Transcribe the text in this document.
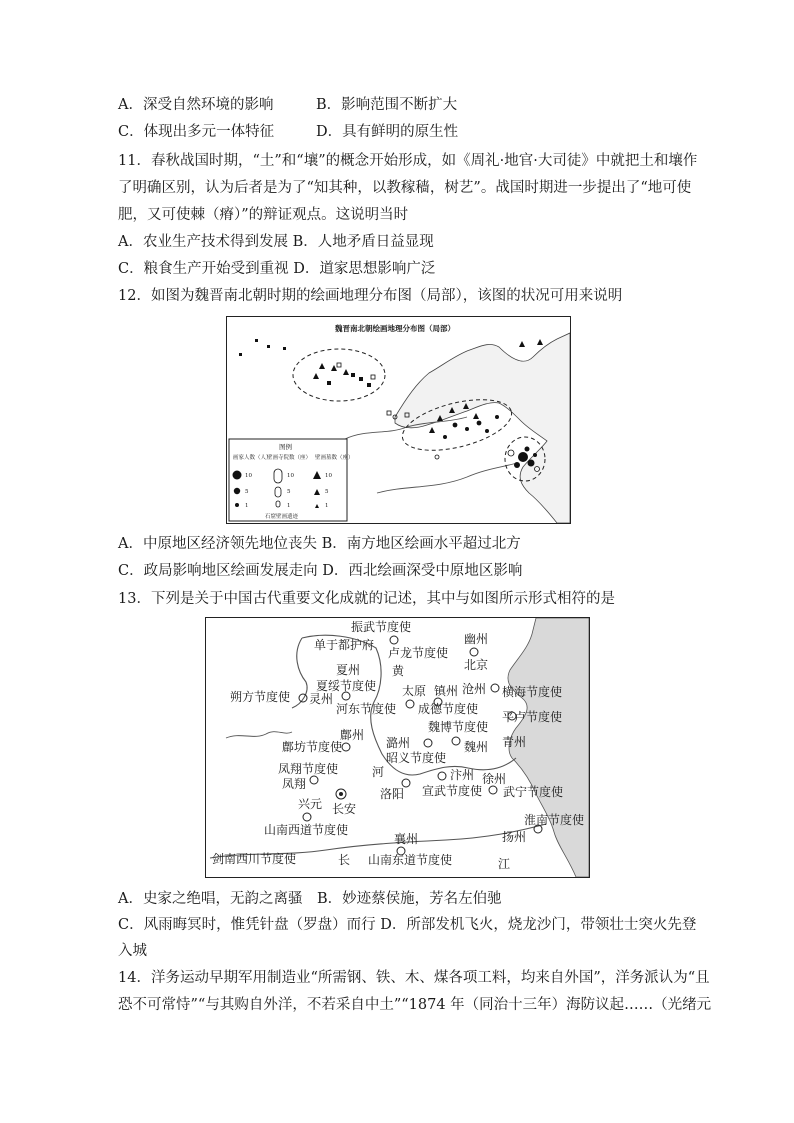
A．深受自然环境的影响	B．影响范围不断扩大
C．体现出多元一体特征	D．具有鲜明的原生性
11．春秋战国时期，“土”和“壤”的概念开始形成，如《周礼·地官·大司徒》中就把土和壤作
了明确区别，认为后者是为了“知其种，以教稼穑，树艺”。战国时期进一步提出了“地可使
肥，又可使棘（瘠）”的辩证观点。这说明当时
A．农业生产技术得到发展 B．人地矛盾日益显现
C．粮食生产开始受到重视 D．道家思想影响广泛
12．如图为魏晋南北朝时期的绘画地理分布图（局部），该图的状况可用来说明
魏晋南北朝绘画地理分布图（局部）
图例
画家人数（人）
壁画寺院数（座） 壁画墓数（座）
10
5
1
10
5
1
10
5
1
石窟壁画遗迹
A．中原地区经济领先地位丧失 B．南方地区绘画水平超过北方
C．政局影响地区绘画发展走向 D．西北绘画深受中原地区影响
13．下列是关于中国古代重要文化成就的记述，其中与如图所示形式相符的是
振武节度使
单于都护府	幽州
卢龙节度使
北京
黄
夏州
夏绥节度使
朔方节度使 灵州
太原 镇州 沧州 横海节度使
河东节度使 成德节度使
平卢节度使
青州
鄜州
魏博节度使
鄜坊节度使	潞州
昭义节度使
魏州
凤翔节度使
凤翔
河	汴州 徐州
兴元 长安
洛阳 宣武节度使 武宁节度使
淮南节度使
山南西道节度使
襄州	扬州
剑南西川节度使	长 山南东道节度使	江
A．史家之绝唱，无韵之离骚　B．妙迹蔡侯施，芳名左伯驰
C．风雨晦冥时，惟凭针盘（罗盘）而行 D．所部发机飞火，烧龙沙门，带领壮士突火先登
入城
14．洋务运动早期军用制造业“所需钢、铁、木、煤各项工料，均来自外国”，洋务派认为“且
恐不可常恃”“与其购自外洋，不若采自中土”“1874 年（同治十三年）海防议起……（光绪元
